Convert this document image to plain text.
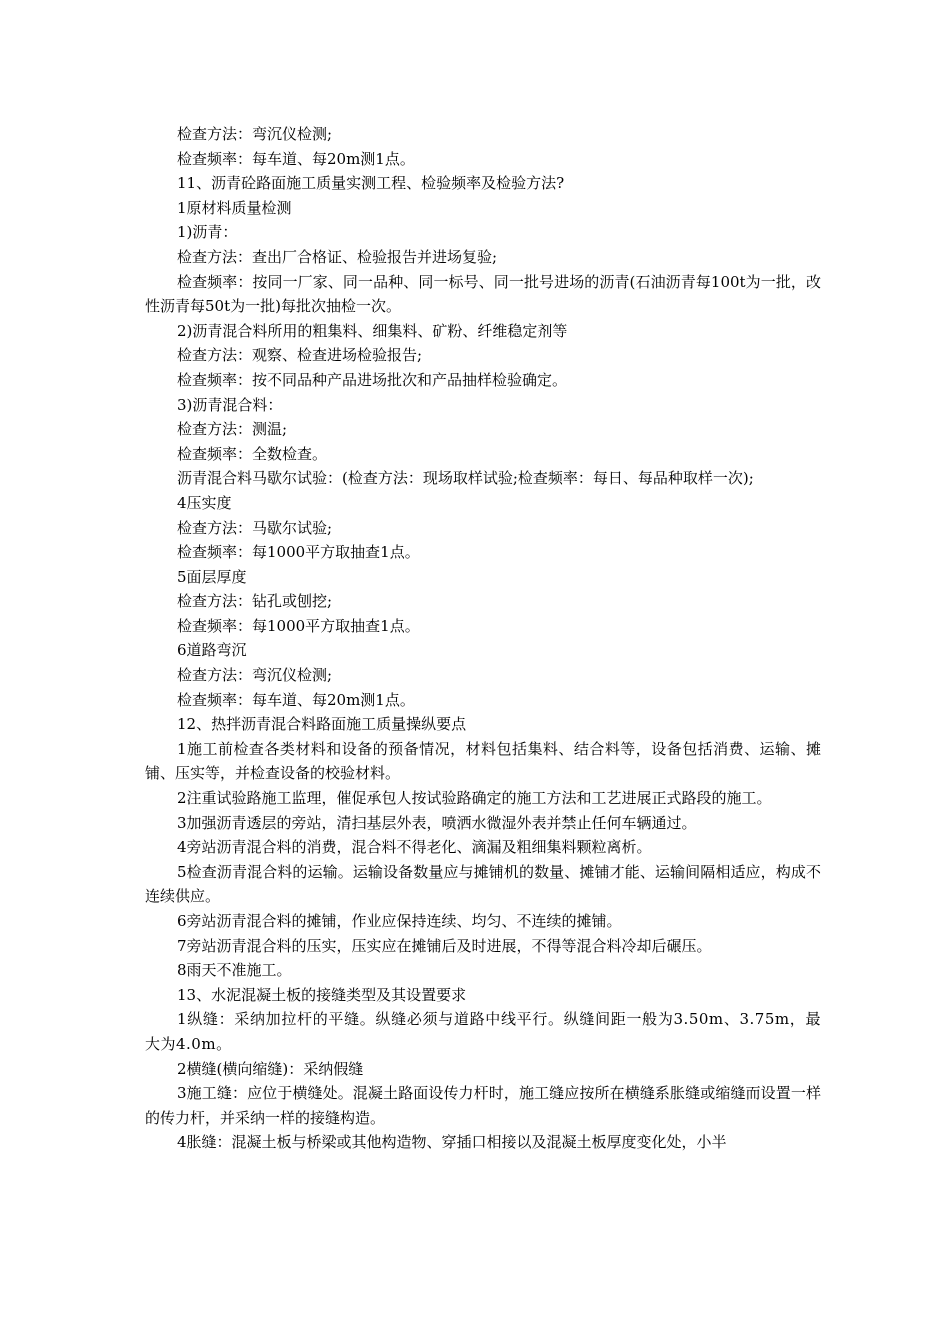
检查方法：弯沉仪检测;

检查频率：每车道、每20m测1点。

11、沥青砼路面施工质量实测工程、检验频率及检验方法?

1原材料质量检测

1)沥青：

检查方法：查出厂合格证、检验报告并进场复验;

检查频率：按同一厂家、同一品种、同一标号、同一批号进场的沥青(石油沥青每100t为一批，改性沥青每50t为一批)每批次抽检一次。

2)沥青混合料所用的粗集料、细集料、矿粉、纤维稳定剂等

检查方法：观察、检查进场检验报告;

检查频率：按不同品种产品进场批次和产品抽样检验确定。

3)沥青混合料：

检查方法：测温;

检查频率：全数检查。

沥青混合料马歇尔试验：(检查方法：现场取样试验;检查频率：每日、每品种取样一次);

4压实度

检查方法：马歇尔试验;

检查频率：每1000平方取抽查1点。

5面层厚度

检查方法：钻孔或刨挖;

检查频率：每1000平方取抽查1点。

6道路弯沉

检查方法：弯沉仪检测;

检查频率：每车道、每20m测1点。

12、热拌沥青混合料路面施工质量操纵要点

1施工前检查各类材料和设备的预备情况，材料包括集料、结合料等，设备包括消费、运输、摊铺、压实等，并检查设备的校验材料。

2注重试验路施工监理，催促承包人按试验路确定的施工方法和工艺进展正式路段的施工。

3加强沥青透层的旁站，清扫基层外表，喷洒水微湿外表并禁止任何车辆通过。

4旁站沥青混合料的消费，混合料不得老化、滴漏及粗细集料颗粒离析。

5检查沥青混合料的运输。运输设备数量应与摊铺机的数量、摊铺才能、运输间隔相适应，构成不连续供应。

6旁站沥青混合料的摊铺，作业应保持连续、均匀、不连续的摊铺。

7旁站沥青混合料的压实，压实应在摊铺后及时进展，不得等混合料冷却后碾压。

8雨天不准施工。

13、水泥混凝土板的接缝类型及其设置要求

1纵缝：采纳加拉杆的平缝。纵缝必须与道路中线平行。纵缝间距一般为3.50m、3.75m，最大为4.0m。

2横缝(横向缩缝)：采纳假缝

3施工缝：应位于横缝处。混凝土路面设传力杆时，施工缝应按所在横缝系胀缝或缩缝而设置一样的传力杆，并采纳一样的接缝构造。

4胀缝：混凝土板与桥梁或其他构造物、穿插口相接以及混凝土板厚度变化处，小半
